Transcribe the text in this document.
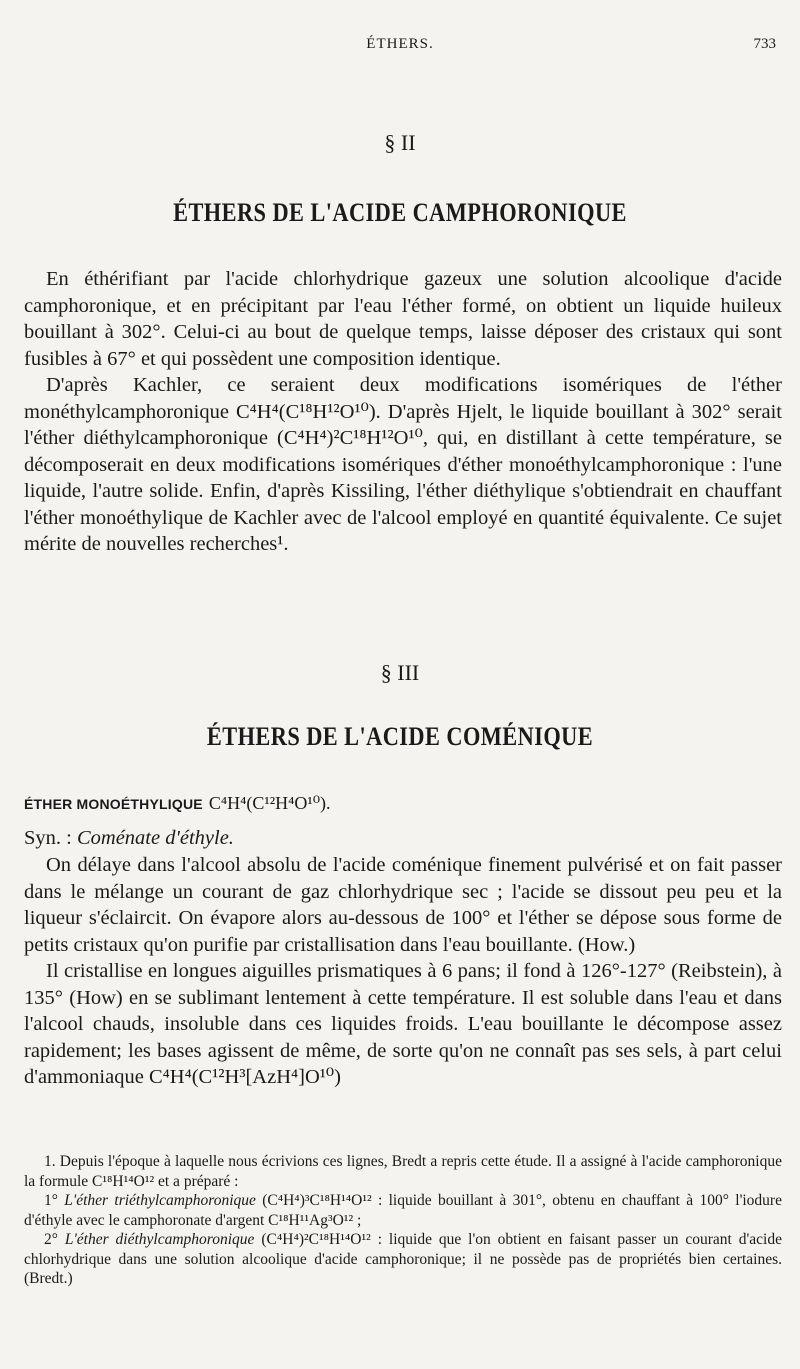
ÉTHERS.	733
§ II
ÉTHERS DE L'ACIDE CAMPHORONIQUE

En éthérifiant par l'acide chlorhydrique gazeux une solution alcoolique d'acide camphoronique, et en précipitant par l'eau l'éther formé, on obtient un liquide huileux bouillant à 302°. Celui-ci au bout de quelque temps, laisse déposer des cristaux qui sont fusibles à 67° et qui possèdent une composition identique.

D'après Kachler, ce seraient deux modifications isomériques de l'éther monéthylcamphoronique C⁴H⁴(C¹⁸H¹²O¹⁰). D'après Hjelt, le liquide bouillant à 302° serait l'éther diéthylcamphoronique (C⁴H⁴)²C¹⁸H¹²O¹⁰, qui, en distillant à cette température, se décomposerait en deux modifications isomériques d'éther monoéthylcamphoronique : l'une liquide, l'autre solide. Enfin, d'après Kissiling, l'éther diéthylique s'obtiendrait en chauffant l'éther monoéthylique de Kachler avec de l'alcool employé en quantité équivalente. Ce sujet mérite de nouvelles recherches¹.

§ III
ÉTHERS DE L'ACIDE COMÉNIQUE
ÉTHER MONOÉTHYLIQUE C⁴H⁴(C¹²H⁴O¹⁰).
Syn. : Coménate d'éthyle.

On délaye dans l'alcool absolu de l'acide coménique finement pulvérisé et on fait passer dans le mélange un courant de gaz chlorhydrique sec ; l'acide se dissout peu peu et la liqueur s'éclaircit. On évapore alors au-dessous de 100° et l'éther se dépose sous forme de petits cristaux qu'on purifie par cristallisation dans l'eau bouillante. (How.)

Il cristallise en longues aiguilles prismatiques à 6 pans; il fond à 126°-127° (Reibstein), à 135° (How) en se sublimant lentement à cette température. Il est soluble dans l'eau et dans l'alcool chauds, insoluble dans ces liquides froids. L'eau bouillante le décompose assez rapidement; les bases agissent de même, de sorte qu'on ne connaît pas ses sels, à part celui d'ammoniaque C⁴H⁴(C¹²H³[AzH⁴]O¹⁰)

1. Depuis l'époque à laquelle nous écrivions ces lignes, Bredt a repris cette étude. Il a assigné à l'acide camphoronique la formule C¹⁸H¹⁴O¹² et a préparé :

1° L'éther triéthylcamphoronique (C⁴H⁴)³C¹⁸H¹⁴O¹² : liquide bouillant à 301°, obtenu en chauffant à 100° l'iodure d'éthyle avec le camphoronate d'argent C¹⁸H¹¹Ag³O¹² ;

2° L'éther diéthylcamphoronique (C⁴H⁴)²C¹⁸H¹⁴O¹² : liquide que l'on obtient en faisant passer un courant d'acide chlorhydrique dans une solution alcoolique d'acide camphoronique; il ne possède pas de propriétés bien certaines. (Bredt.)
